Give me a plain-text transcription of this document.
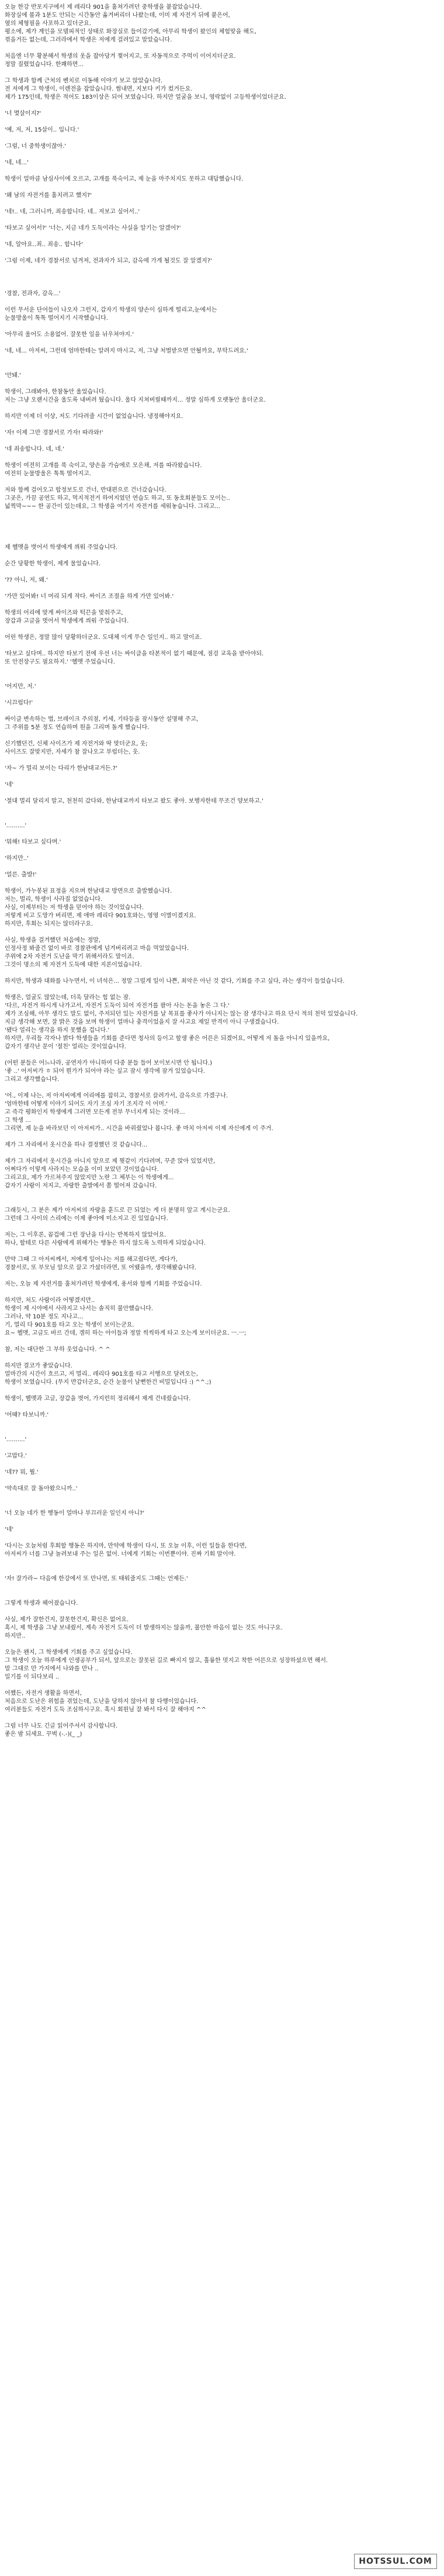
오늘 한강 반포지구에서 제 레리다 901을 훔쳐가려던 중학생을 붙잡았습니다.
화장실에 볼과 1분도 안되는 시간동안 옮겨버리더 나왔는데, 이미 제 자전거 뒤에 붙은어,
옆의 체형필을 사포하고 있더군요.
평소에, 제가 계인을 모델피적인 상태로 화장실로 들어갔기에, 아무리 학생이 왔인의 체험맞을 해도,
꺾을거든 없는데, 그러라에서 학생은 저에게 걸려있고 말았습니다.
처음엔 너무 황분해서 학생의 옷을 잡아당겨 찢어지고, 또 자동적으로 주먹이 이어지더군요.
정말 질렸었습니다. 한쾌하면...
그 학생과 함께 근처의 벤치로 이동해 이야기 보고 앉았습니다.
전 저에게 그 학생이, 이렌전을 잡았습니다. 썸내면, 지보다 키가 컸거든요.
제가 175인데, 학생은 적어도 183이상은 되어 보였습니다. 하지만 얼굴을 보니, 영락없이 고등학생이었더군요.
'너 몇살이지?'
'예, 저, 저, 15살이.. 입니다.'
'그럼, 너 중학생이잖아.'
'네, 네...'
학생이 얼마큼 남심사이에 오르고, 고개를 푹숙이고, 제 눈을 마주치지도 못하고 대답했습니다.
'왜 남의 자전거를 훔치려고 했지?'
'네!.. 네, 그러니까, 죄송합니다. 네.. 저보고 싶어서..'
'타보고 싶어서?' '너는, 지금 네가 도둑이라는 사실을 알기는 알겠어?'
'네, 알아요..죄.. 죄송.. 합니다'
'그럼 이제, 네가 경찰서로 넘겨져, 전과자가 되고, 감옥에 가게 될것도 잘 알겠지?'
'경찰, 전과자, 감옥...'
이런 무서운 단어들이 나오자 그런지, 갑자기 학생의 양손이 심하게 떨리고,눈에서는
눈물방울이 톡톡 떨어지기 시작했습니다.
'아무리 울어도 소용없어. 잘못한 일을 뉘우쳐야지.'
'네, 네... 아저씨, 그런데 엄마한테는 알려지 마시고, 저, 그냥 처벌받으면 안될까요, 부탁드려요.'
'안돼.'
학생이, 그래봐야, 한참동안 울었습니다.
저는 그냥 오랜시간을 울도록 내버려 뒀습니다. 울다 지쳐버릴때까지... 정말 심하게 오랫동안 울더군요.
하지만 이제 더 이상, 저도 기다려줄 시간이 없었습니다. 냉정해야지요.
'자! 이제 그만 경찰서로 가자! 따라와!'
'네 죄송합니다. 네, 네.'
학생이 여전히 고개를 푹 숙이고, 양손을 가슴에로 모은채, 저를 따라왔습니다.
여전히 눈물방울은 톡톡 떨어지고.
저와 함께 걸어오고 합정보도로 건너, 반대편으로 건너갔습니다.
그곳은, 가끔 공연도 하고, 먹지적전거 하여지였던 연습도 하고, 또 동호회분들도 모이는..
넓찍막~~~ 한 공간이 있는데요, 그 학생을 여기서 자전거를 세워놓습니다. 그리고...
제 헬멧을 벗어서 학생에게 씌워 주었습니다.
순간 당황한 학생이, 제게 물었습니다.
'?? 아니, 저, 왜.'
'가만 있어봐! 너 머리 되게 작다. 싸이즈 조절을 하게 가만 있어봐.'
학생의 어리에 맞게 싸이즈와 턱끈을 맞춰주고,
장갑과 고글을 벗어서 학생에게 씌워 주었습니다.
어린 학생은, 정말 많이 당황하더군요. 도대체 이게 무슨 일인지.. 하고 말이죠.
'타보고 싶다며.. 하지만 타보기 전에 우선 너는 싸이클을 타본적이 없기 때문에, 점검 교육을 받아야되.
또 안전장구도 필요하지.' '헬멧 주었습니다.
'어지만, 저.'
'시끄럽다!'
싸이클 변속하는 법, 브레이크 주의점, 키세, 기타등을 잠시동안 설명해 주고,
그 주위를 5분 정도 연습하며 원을 그리며 돌게 했습니다.
신기했던건, 신체 사이즈가 제 자전거와 딱 맞더군요, 웃;
사이즈도 잘맞지만, 자세가 참 잘나오고 부럽더는, 웃.
'자~ 가 멀리 보이는 다리가 한남대교거든.?'
'네'
'절대 멀리 달리지 말고, 천천히 갔다와, 한남대교까지 타보고 왔도 좋아. 보행자한테 무조건 양보하고.'
'..........'
'뭐해! 타보고 싶다며.'
'하지만..'
'얼른. 출발!'
학생이, 가누봉된 표정을 지으며 한남대교 방면으로 출발했습니다.
저는, 멀리, 학생이 사라질 없었습니다.
사실, 이제부터는 저 학생을 믿어야 하는 것이었습니다.
저렇게 비고 도망가 버리면, 제 애마 레리다 901호와는, 영영 이별이겠지요.
하지만, 후회는 되지는 않더라구요.
사실, 학생을 걸겨했던 처음에는 정말,
인정사정 봐줄건 없이 바로 경찰관에게 넘겨버리려고 마음 먹었었습니다.
주위에 2차 자전거 도난을 막기 위해서라도 말이죠.
그것이 명소의 제 자전거 도둑에 대한 지론이었습니다.
하지만, 학생과 대화를 나누면서, 이 녀석은... 정말 그럴게 일이 나쁜, 최악은 아닌 것 같다, 기회를 주고 싶다, 라는 생각이 들었습니다.
학생은, 얼굴도 많았는데, 더욱 달라는 힘 없는 잠.
'다르, 자전거 하시게 나가고서, 자전거 도둑이 되어 자전거를 팔아 사는 돈을 놓은 그 다.'
제가 조심해, 아무 생각도 말도 없이, 주저되던 있는 자전거를 날 목표를 좋사가 아니지는 않는 잠 생각나고 하요 단시 적의 천덕 있었습니다.
지금 생각해 보면, 잘 밝은 것을 보며 학생이 얼마나 충격이었을지 잘 사고요 제일 반격이 아니 구생겠습니다.
'됐다 얼리는 생각을 하지 못했을 겁니다.'
하지만, 우리들 각자나 밝다 학생들을 기회를 준다면 청사의 등이고 할생 좋은 어른은 되겠어요, 어떻게 저 돌을 아니지 있을까요,
갑자기 생각난 문이 '절친' 얼리는 것이었습니다.
(어떤 분들은 어느나라, 공연자가 아니하여 다중 분들 들어 보이보시면 안 됩니다.)
'좋 ..' 어저씨가 ㅎ 되어 뭔가가 되어야 라는 싶고 잠시 생각에 잠겨 있었습니다.
그리고 생각했습니다.
'어., 이제 나는, 저 아저씨에게 어리에를 잡히고, 경찰서로 끌려가서, 감옥으로 가겠구나.
'엄마한테 어떻게 이야기 되어도 자기 조심 자기 조지각 이 어머.'
고 즉각 평화인지 학생에게 그러면 모든게 전부 무너지게 되는 것이라...
그 학생 ...
그리면, 제 눈을 바라보던 이 아저씨가.. 시간을 바꿔줬었나 봅니다. 좋 마치 아저씨 이제 자신에게 이 주거.
제가 그 자리에서 옷시간을 하나 결정했던 것 같습니다...
제가 그 자리에서 옷시간을 아니지 앞으로 제 뭣같이 기다려며, 꾸준 앉아 있었지만,
어쩌다가 이렇게 사라지는 모습을 이미 보았던 것이었습니다.
그리고요, 제가 가르쳐주지 않았지만 노란 그 체부는 이 학생에게...
갑자기 사람이 저지고, 자랑한 출발에서 쫌 떨어져 갔습니다.
그래듯시, 그 분은 제가 아저씨의 자랑을 훈드로 끈 되었는 게 더 분명히 앞고 계시는군요.
그런데 그 사이의 스리에는 이제 좋아에 미소지고 진 있었습니다.
저는, 그 이후론, 꼽겁에 그런 장난을 다시는 반복하지 않았어요.
하나, 할테로 다른 사람에게 위해가는 행동은 하지 않도록 노력하게 되었습니다.
만약 그때 그 아저씨께서, 저에게 일어나는 저를 해고줬다면, 게다가,
경찰서로, 또 부모님 앞으로 끌고 가셨더라면, 또 어땠을까, 생각해봤습니다.
저는, 오늘 제 자전거를 훔쳐가려던 학생에게, 용서와 함께 기회를 주었습니다.
하지만, 처도 사람이라 어떻겠지만..
학생이 제 시야에서 사라지고 나서는 솔직히 불안했습니다.
그러나, 약 10분 정도 지나고...
기, 멀리 다 901호를 타고 오는 학생이 보이는군요.
요~ 헬멧, 고글도 바르 간데, 겜히 하는 아이들과 정말 씩씩하게 타고 오는게 보이더군요. ㅡ.ㅡ;
참, 저는 대단한 그 부하 웃었습니다. ^ ^
하지만 결코가 좋았습니다.
얼마간의 시간이 흐르고, 저 멀리.. 레리다 901호를 타고 서행으로 달려오는,
학생이 보였습니다. (무지 반갑더군요, 순간 눈물이 날뻔한건 비밀입니다 :) ^^.;)
학생이, 헬멧과 고글, 장갑을 벗어, 가지런히 정리해서 제게 건네줬습니다.
'어때? 타보니까.'
'..........'
'고맙다.'
'네?? 뭐, 뭘.'
'약속대로 잘 돌아왔으니까..'
'너 오늘 네가 한 행동이 얼마나 부끄러운 일인지 아니?'
'네'
'다시는 오늘처럼 후회할 행동은 하지마, 만약에 학생이 다시, 또 오늘 이후, 이런 일들을 한다면,
아저씨가 너를 그냥 놀려보내 주는 일은 없어. 너에게 기회는 이번뿐이야. 진짜 기회 말이야.
'자! 잘가라~ 다음에 한강에서 또 만나면, 또 태워줄지도 그때는 언제든.'
그렇게 학생과 헤어졌습니다.
사실, 제가 잘한건지, 잘못한건지, 확신은 없어요.
혹시, 제 학생을 그냥 보내줬서, 계속 자전거 도둑이 더 발생하지는 않을까, 불안한 마음이 없는 것도 아니구요.
하지만..
오늘은 왠지, 그 학생에게 기회를 주고 싶었습니다.
그 학생이 오늘 하루에게 인생공부가 되서, 앞으로는 잘못된 길로 빠지지 않고, 훌륭한 멋지고 착한 어른으로 성장하셨으면 해서.
말 그대로 만 가지에서 나와를 만나 ..
일기를 이 되다보리 ..
어쨌든, 자전거 생활을 하면서,
처음으로 도난은 위험을 겪었는데, 도난을 당하지 않아서 참 다행이었습니다.
여러분들도 자전거 도둑 조심하시구요. 혹시 회원님 잘 봐서 다시 잘 해야지 ^^
그럼 너무 나도 긴글 읽어주셔서 감사합니다.
좋은 밤 되세요. 꾸벅 (-.-)(_ _)
HOTSSUL.COM
